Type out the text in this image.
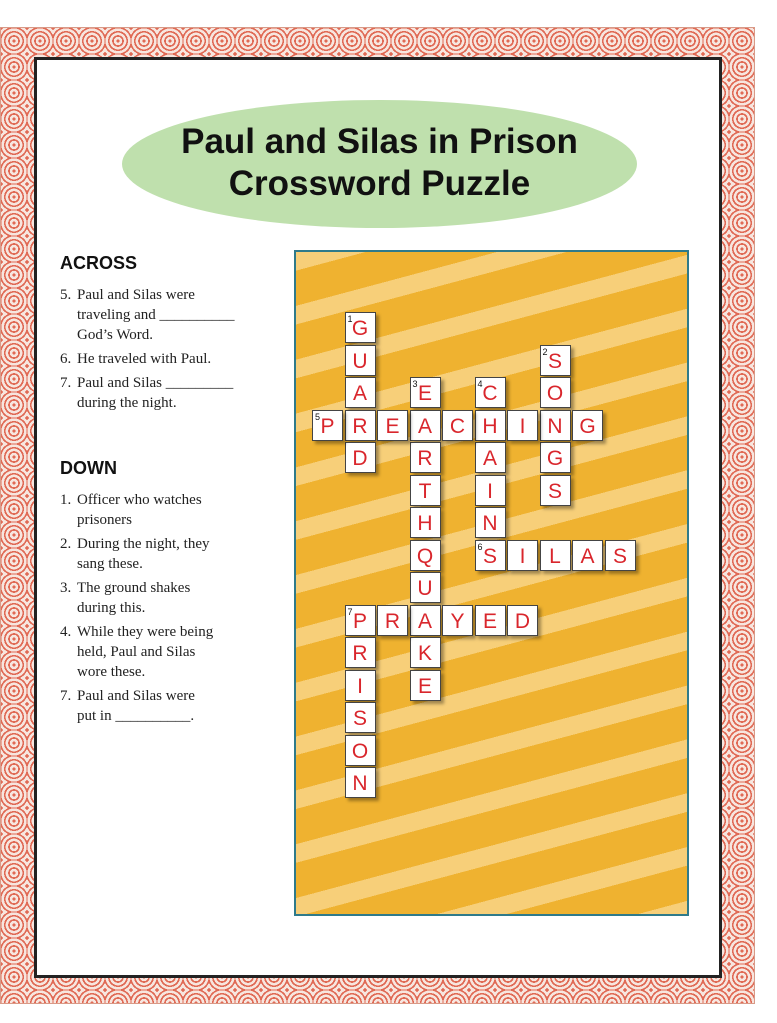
Paul and Silas in Prison
Crossword Puzzle
ACROSS
5. Paul and Silas were
traveling and __________
God’s Word.
6. He traveled with Paul.
7. Paul and Silas _________
during the night.
DOWN
1. Officer who watches
prisoners
2. During the night, they
sang these.
3. The ground shakes
during this.
4. While they were being
held, Paul and Silas
wore these.
7. Paul and Silas were
put in __________.
G
1
U
A
R
D
S
2
O
N
G
S
E
3
A
R
T
H
Q
U
A
K
E
C
4
H
A
I
N
S
6
P
5	E	C	I	G
I	L A S
P
7	R	Y E D
R
I
S
O
N
